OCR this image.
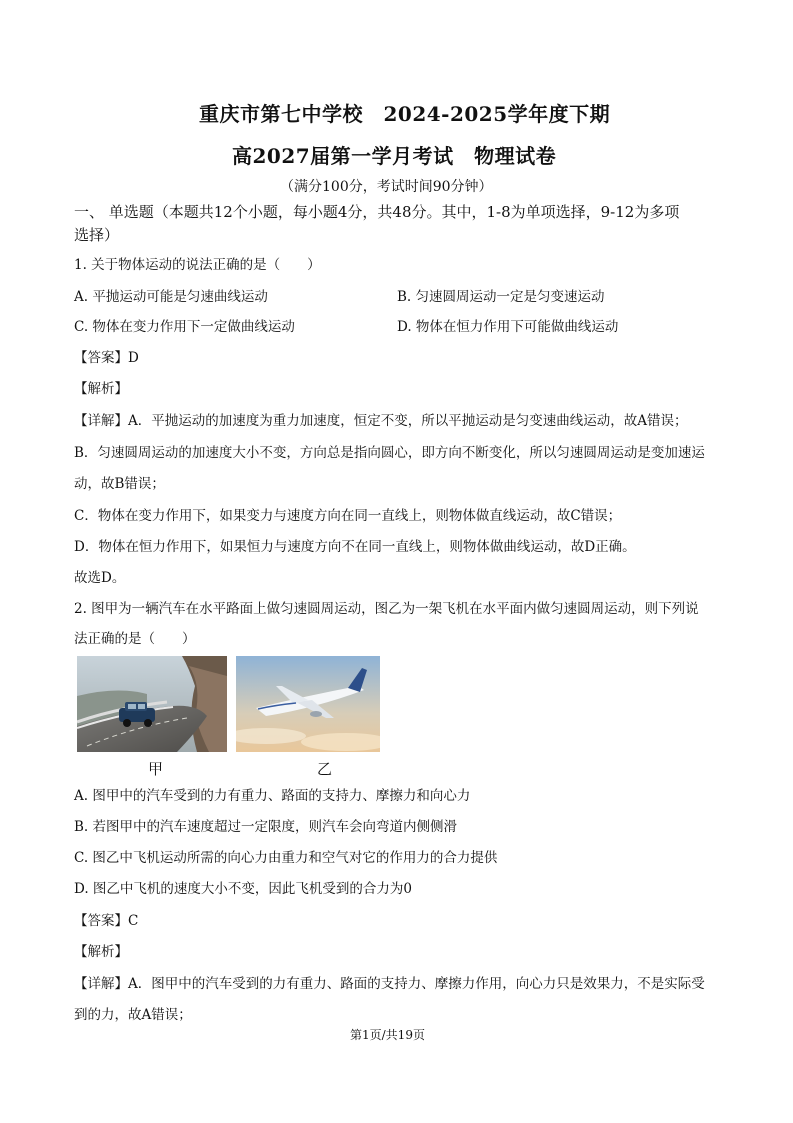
重庆市第七中学校　2024-2025学年度下期
高2027届第一学月考试　物理试卷
（满分100分，考试时间90分钟）
一、 单选题（本题共12个小题，每小题4分，共48分。其中，1-8为单项选择，9-12为多项
选择）
1. 关于物体运动的说法正确的是（　　）
A. 平抛运动可能是匀速曲线运动	B. 匀速圆周运动一定是匀变速运动
C. 物体在变力作用下一定做曲线运动	D. 物体在恒力作用下可能做曲线运动
【答案】D
【解析】
【详解】A．平抛运动的加速度为重力加速度，恒定不变，所以平抛运动是匀变速曲线运动，故A错误；
B．匀速圆周运动的加速度大小不变，方向总是指向圆心，即方向不断变化，所以匀速圆周运动是变加速运
动，故B错误；
C．物体在变力作用下，如果变力与速度方向在同一直线上，则物体做直线运动，故C错误；
D．物体在恒力作用下，如果恒力与速度方向不在同一直线上，则物体做曲线运动，故D正确。
故选D。
2. 图甲为一辆汽车在水平路面上做匀速圆周运动，图乙为一架飞机在水平面内做匀速圆周运动，则下列说
法正确的是（　　）
甲	乙
A. 图甲中的汽车受到的力有重力、路面的支持力、摩擦力和向心力
B. 若图甲中的汽车速度超过一定限度，则汽车会向弯道内侧侧滑
C. 图乙中飞机运动所需的向心力由重力和空气对它的作用力的合力提供
D. 图乙中飞机的速度大小不变，因此飞机受到的合力为0
【答案】C
【解析】
【详解】A．图甲中的汽车受到的力有重力、路面的支持力、摩擦力作用，向心力只是效果力，不是实际受
到的力，故A错误；
第1页/共19页
